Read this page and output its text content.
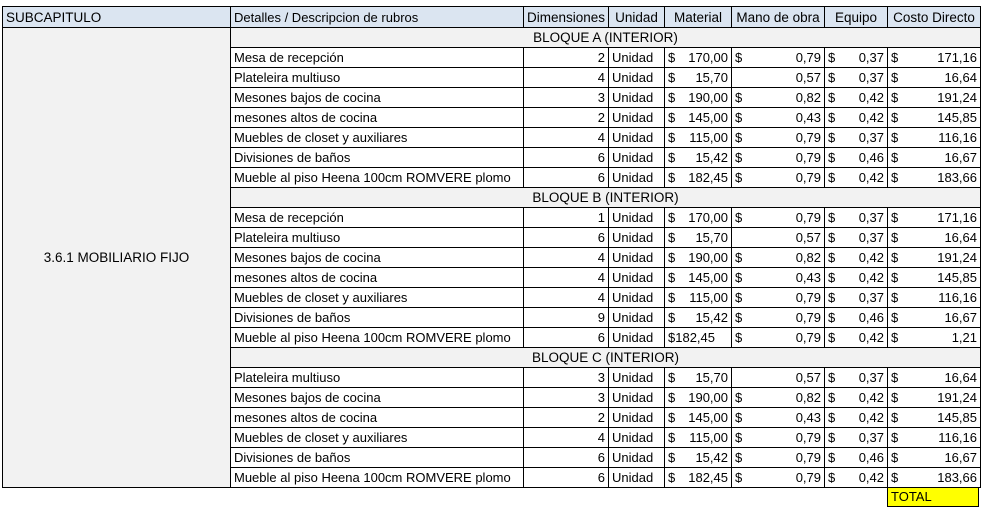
SUBCAPITULO	Detalles / Descripcion de rubros	Dimensiones	Unidad	Material	Mano de obra	Equipo	Costo Directo
3.6.1 MOBILIARIO FIJO	BLOQUE A (INTERIOR)						
	Mesa de recepción	2	Unidad	$ 170,00	$ 0,79	$ 0,37	$ 171,16

	Plateleira multiuso	4	Unidad	$ 15,70	0,57	$ 0,37	$ 16,64

	Mesones bajos de cocina	3	Unidad	$ 190,00	$ 0,82	$ 0,42	$ 191,24

	mesones altos de cocina	2	Unidad	$ 145,00	$ 0,43	$ 0,42	$ 145,85

	Muebles de closet y auxiliares	4	Unidad	$ 115,00	$ 0,79	$ 0,37	$ 116,16

	Divisiones de baños	6	Unidad	$ 15,42	$ 0,79	$ 0,46	$ 16,67

	Mueble al piso Heena 100cm ROMVERE plomo	6	Unidad	$ 182,45	$ 0,79	$ 0,42	$ 183,66

	BLOQUE B (INTERIOR)						
	Mesa de recepción	1	Unidad	$ 170,00	$ 0,79	$ 0,37	$ 171,16

	Plateleira multiuso	6	Unidad	$ 15,70	0,57	$ 0,37	$ 16,64

	Mesones bajos de cocina	4	Unidad	$ 190,00	$ 0,82	$ 0,42	$ 191,24

	mesones altos de cocina	4	Unidad	$ 145,00	$ 0,43	$ 0,42	$ 145,85

	Muebles de closet y auxiliares	4	Unidad	$ 115,00	$ 0,79	$ 0,37	$ 116,16

	Divisiones de baños	9	Unidad	$ 15,42	$ 0,79	$ 0,46	$ 16,67

	Mueble al piso Heena 100cm ROMVERE plomo	6	Unidad	$182,45	$ 0,79	$ 0,42	$ 1,21

	BLOQUE C (INTERIOR)						
	Plateleira multiuso	3	Unidad	$ 15,70	0,57	$ 0,37	$ 16,64

	Mesones bajos de cocina	3	Unidad	$ 190,00	$ 0,82	$ 0,42	$ 191,24

	mesones altos de cocina	2	Unidad	$ 145,00	$ 0,43	$ 0,42	$ 145,85

	Muebles de closet y auxiliares	4	Unidad	$ 115,00	$ 0,79	$ 0,37	$ 116,16

	Divisiones de baños	6	Unidad	$ 15,42	$ 0,79	$ 0,46	$ 16,67

	Mueble al piso Heena 100cm ROMVERE plomo	6	Unidad	$ 182,45	$ 0,79	$ 0,42	$ 183,66
TOTAL
